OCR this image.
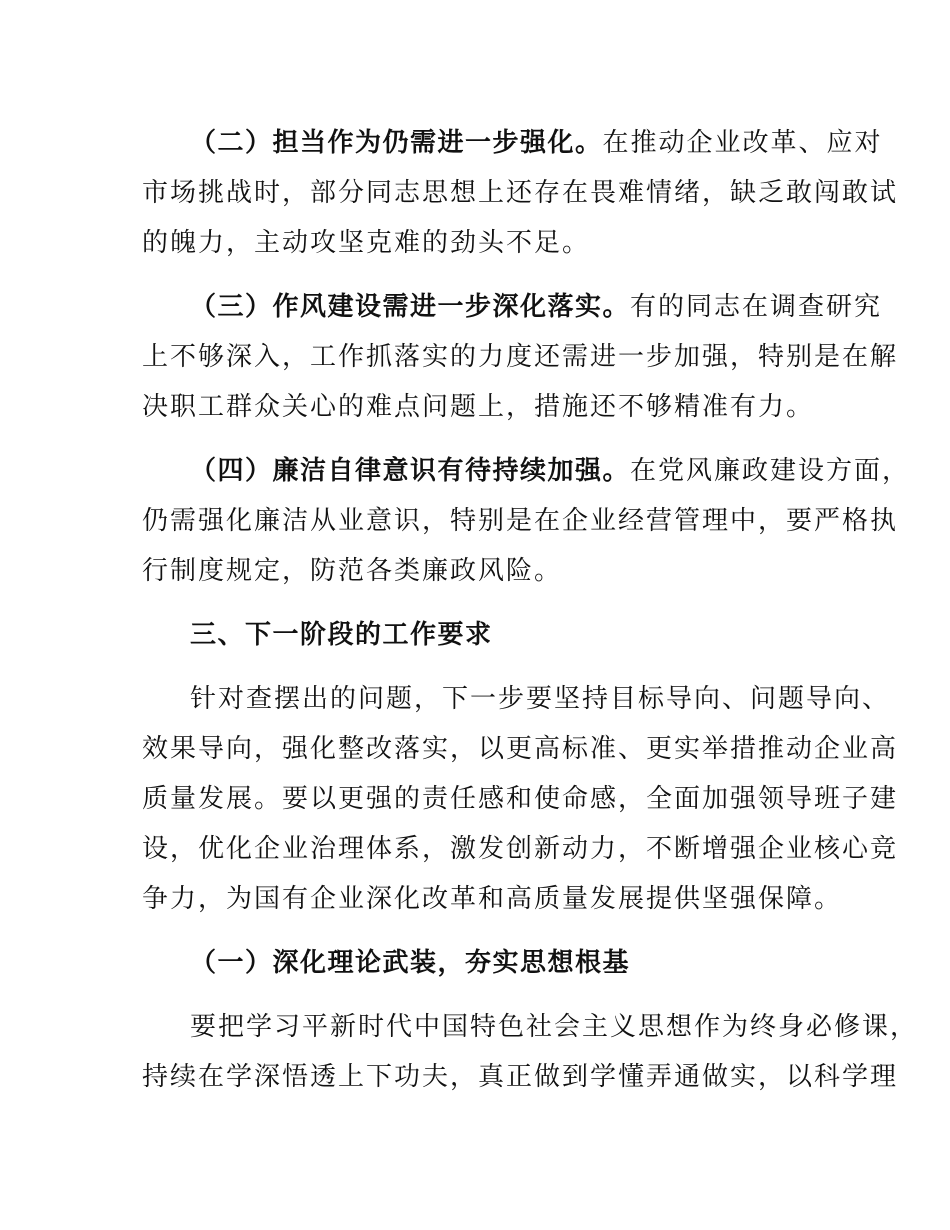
（二）担当作为仍需进一步强化。在推动企业改革、应对
市场挑战时，部分同志思想上还存在畏难情绪，缺乏敢闯敢试
的魄力，主动攻坚克难的劲头不足。
（三）作风建设需进一步深化落实。有的同志在调查研究
上不够深入，工作抓落实的力度还需进一步加强，特别是在解
决职工群众关心的难点问题上，措施还不够精准有力。
（四）廉洁自律意识有待持续加强。在党风廉政建设方面，
仍需强化廉洁从业意识，特别是在企业经营管理中，要严格执
行制度规定，防范各类廉政风险。
三、下一阶段的工作要求
针对查摆出的问题，下一步要坚持目标导向、问题导向、
效果导向，强化整改落实，以更高标准、更实举措推动企业高
质量发展。要以更强的责任感和使命感，全面加强领导班子建
设，优化企业治理体系，激发创新动力，不断增强企业核心竞
争力，为国有企业深化改革和高质量发展提供坚强保障。
（一）深化理论武装，夯实思想根基
要把学习平新时代中国特色社会主义思想作为终身必修课，
持续在学深悟透上下功夫，真正做到学懂弄通做实，以科学理
